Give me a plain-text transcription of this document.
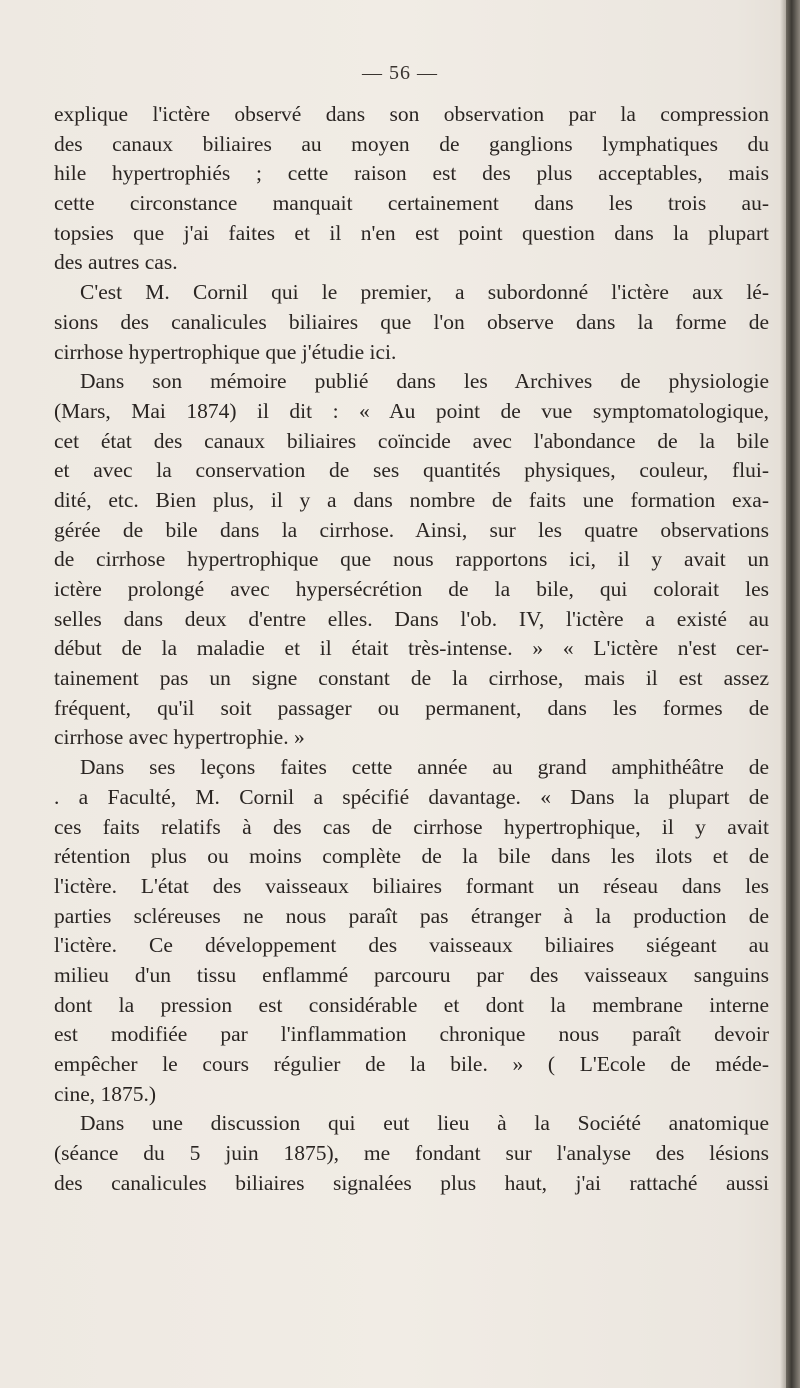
— 56 —
explique l'ictère observé dans son observation par la compression
des canaux biliaires au moyen de ganglions lymphatiques du
hile hypertrophiés ; cette raison est des plus acceptables, mais
cette circonstance manquait certainement dans les trois au-
topsies que j'ai faites et il n'en est point question dans la plupart
des autres cas.
C'est M. Cornil qui le premier, a subordonné l'ictère aux lé-
sions des canalicules biliaires que l'on observe dans la forme de
cirrhose hypertrophique que j'étudie ici.
Dans son mémoire publié dans les Archives de physiologie
(Mars, Mai 1874) il dit : « Au point de vue symptomatologique,
cet état des canaux biliaires coïncide avec l'abondance de la bile
et avec la conservation de ses quantités physiques, couleur, flui-
dité, etc. Bien plus, il y a dans nombre de faits une formation exa-
gérée de bile dans la cirrhose. Ainsi, sur les quatre observations
de cirrhose hypertrophique que nous rapportons ici, il y avait un
ictère prolongé avec hypersécrétion de la bile, qui colorait les
selles dans deux d'entre elles. Dans l'ob. IV, l'ictère a existé au
début de la maladie et il était très-intense. » « L'ictère n'est cer-
tainement pas un signe constant de la cirrhose, mais il est assez
fréquent, qu'il soit passager ou permanent, dans les formes de
cirrhose avec hypertrophie. »
Dans ses leçons faites cette année au grand amphithéâtre de
. a Faculté, M. Cornil a spécifié davantage. « Dans la plupart de
ces faits relatifs à des cas de cirrhose hypertrophique, il y avait
rétention plus ou moins complète de la bile dans les ilots et de
l'ictère. L'état des vaisseaux biliaires formant un réseau dans les
parties scléreuses ne nous paraît pas étranger à la production de
l'ictère. Ce développement des vaisseaux biliaires siégeant au
milieu d'un tissu enflammé parcouru par des vaisseaux sanguins
dont la pression est considérable et dont la membrane interne
est modifiée par l'inflammation chronique nous paraît devoir
empêcher le cours régulier de la bile. » ( L'Ecole de méde-
cine, 1875.)
Dans une discussion qui eut lieu à la Société anatomique
(séance du 5 juin 1875), me fondant sur l'analyse des lésions
des canalicules biliaires signalées plus haut, j'ai rattaché aussi
